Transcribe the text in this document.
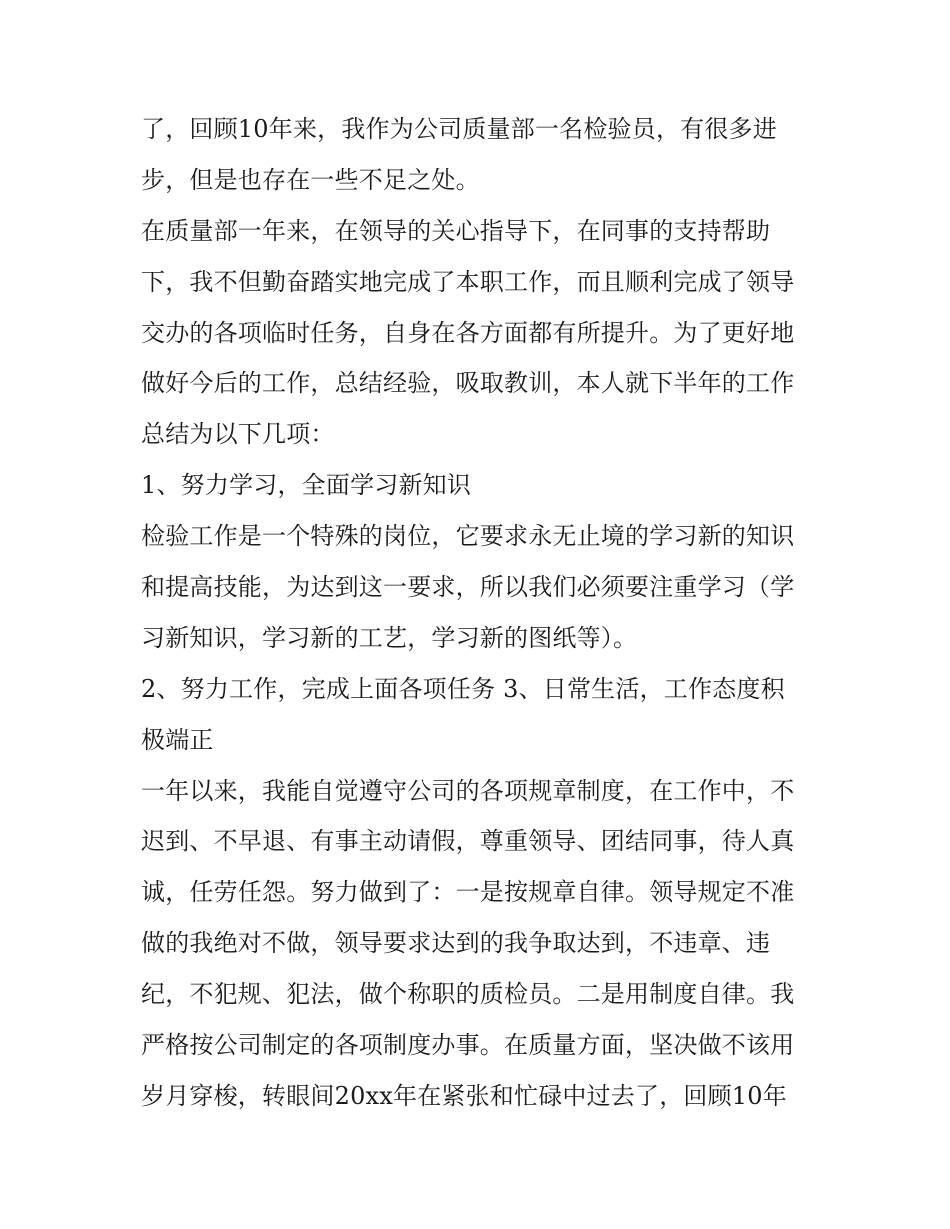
了，回顾10年来，我作为公司质量部一名检验员，有很多进
步，但是也存在一些不足之处。
在质量部一年来，在领导的关心指导下，在同事的支持帮助
下，我不但勤奋踏实地完成了本职工作，而且顺利完成了领导
交办的各项临时任务，自身在各方面都有所提升。为了更好地
做好今后的工作，总结经验，吸取教训，本人就下半年的工作
总结为以下几项：
1、努力学习，全面学习新知识
检验工作是一个特殊的岗位，它要求永无止境的学习新的知识
和提高技能，为达到这一要求，所以我们必须要注重学习（学
习新知识，学习新的工艺，学习新的图纸等）。
2、努力工作，完成上面各项任务 3、日常生活，工作态度积
极端正
一年以来，我能自觉遵守公司的各项规章制度，在工作中，不
迟到、不早退、有事主动请假，尊重领导、团结同事，待人真
诚，任劳任怨。努力做到了：一是按规章自律。领导规定不准
做的我绝对不做，领导要求达到的我争取达到，不违章、违
纪，不犯规、犯法，做个称职的质检员。二是用制度自律。我
严格按公司制定的各项制度办事。在质量方面，坚决做不该用
岁月穿梭，转眼间20xx年在紧张和忙碌中过去了，回顾10年
